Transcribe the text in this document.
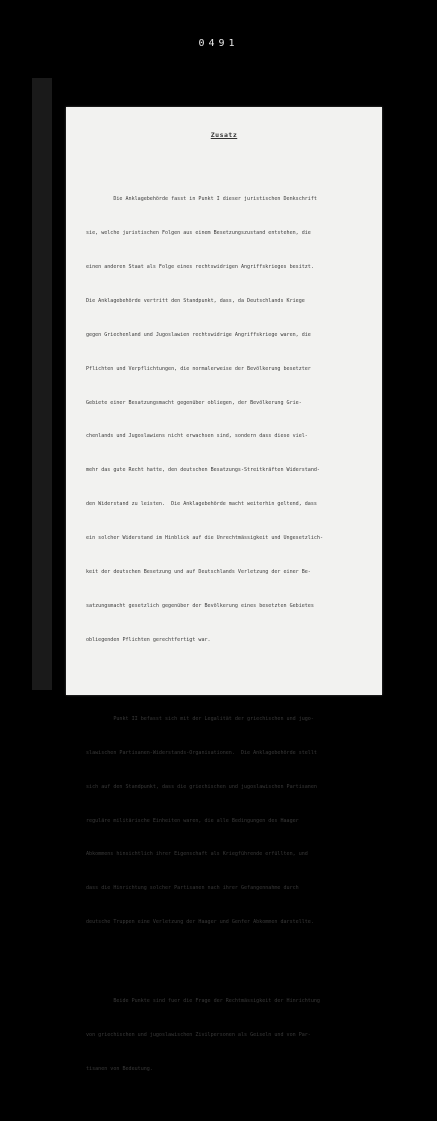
0491
Zusatz

Die Anklagebehörde fasst in Punkt I dieser juristischen Denkschrift

sie, welche juristischen Folgen aus einem Besetzungszustand entstehen, die

einen anderen Staat als Folge eines rechtswidrigen Angriffskrieges besitzt.

Die Anklagebehörde vertritt den Standpunkt, dass, da Deutschlands Kriege

gegen Griechenland und Jugoslawien rechtswidrige Angriffskriege waren, die

Pflichten und Verpflichtungen, die normalerweise der Bevölkerung besetzter

Gebiete einer Besatzungsmacht gegenüber obliegen, der Bevölkerung Grie-

chenlands und Jugoslawiens nicht erwachsen sind, sondern dass diese viel-

mehr das gute Recht hatte, den deutschen Besatzungs-Streitkräften Widerstand-

den Widerstand zu leisten.  Die Anklagebehörde macht weiterhin geltend, dass

ein solcher Widerstand im Hinblick auf die Unrechtmässigkeit und Ungesetzlich-

keit der deutschen Besetzung und auf Deutschlands Verletzung der einer Be-

satzungsmacht gesetzlich gegenüber der Bevölkerung eines besetzten Gebietes

obliegenden Pflichten gerechtfertigt war.

Punkt II befasst sich mit der Legalität der griechischen und jugo-

slawischen Partisanen-Widerstands-Organisationen.  Die Anklagebehörde stellt

sich auf den Standpunkt, dass die griechischen und jugoslawischen Partisanen

reguläre militärische Einheiten waren, die alle Bedingungen des Haager

Abkommens hinsichtlich ihrer Eigenschaft als Kriegführende erfüllten, und

dass die Hinrichtung solcher Partisanen nach ihrer Gefangennahme durch

deutsche Truppen eine Verletzung der Haager und Genfer Abkommen darstellte.

Beide Punkte sind fuer die Frage der Rechtmässigkeit der Hinrichtung

von griechischen und jugoslawischen Zivilpersonen als Geiseln und von Par-

tisanen von Bedeutung.
